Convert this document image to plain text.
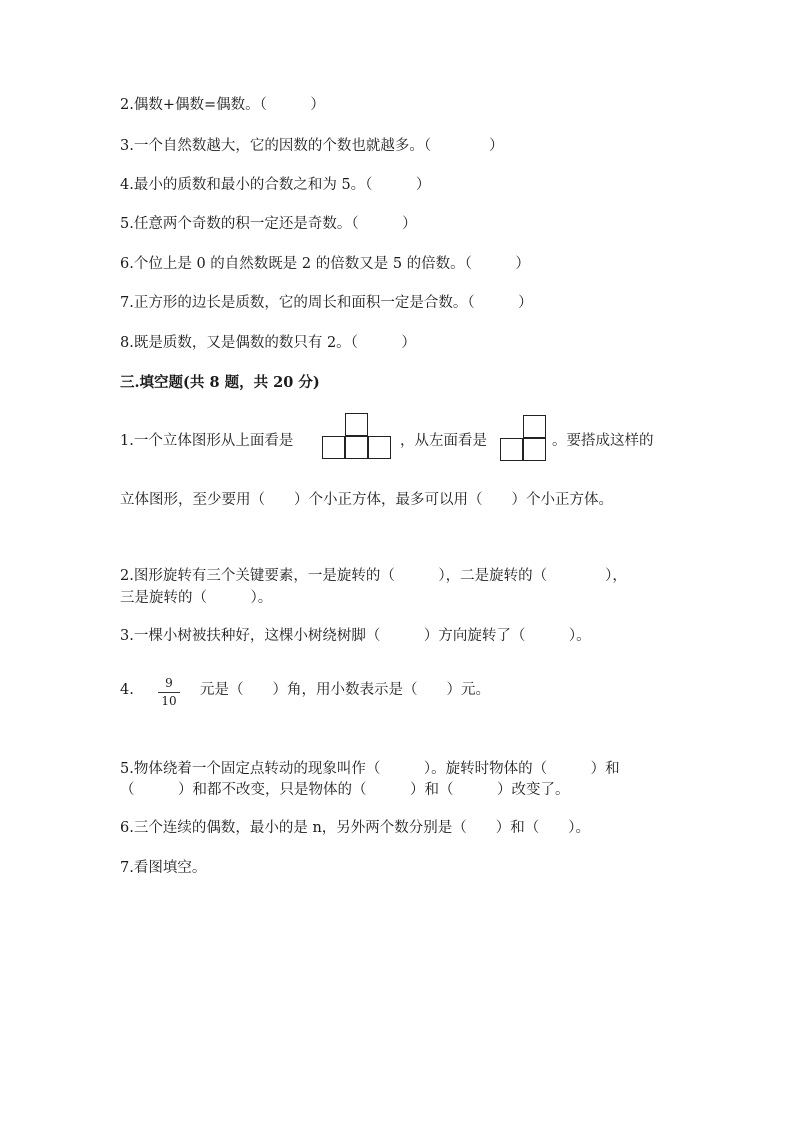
2.偶数+偶数=偶数。（　　　）
3.一个自然数越大，它的因数的个数也就越多。（　　　　）
4.最小的质数和最小的合数之和为 5。（　　　）
5.任意两个奇数的积一定还是奇数。（　　　）
6.个位上是 0 的自然数既是 2 的倍数又是 5 的倍数。（　　　）
7.正方形的边长是质数，它的周长和面积一定是合数。（　　　）
8.既是质数，又是偶数的数只有 2。（　　　）
三.填空题(共 8 题，共 20 分)
1.一个立体图形从上面看是	，从左面看是	。要搭成这样的
立体图形，至少要用（　　）个小正方体，最多可以用（　　）个小正方体。
2.图形旋转有三个关键要素，一是旋转的（　　　），二是旋转的（　　　　），
三是旋转的（　　　）。
3.一棵小树被扶种好，这棵小树绕树脚（　　　）方向旋转了（　　　）。
4.	9
10
元是（　　）角，用小数表示是（　　）元。
5.物体绕着一个固定点转动的现象叫作（　　　）。旋转时物体的（　　　）和
（　　　）和都不改变，只是物体的（　　　）和（　　　）改变了。
6.三个连续的偶数，最小的是 n，另外两个数分别是（　　）和（　　）。
7.看图填空。
